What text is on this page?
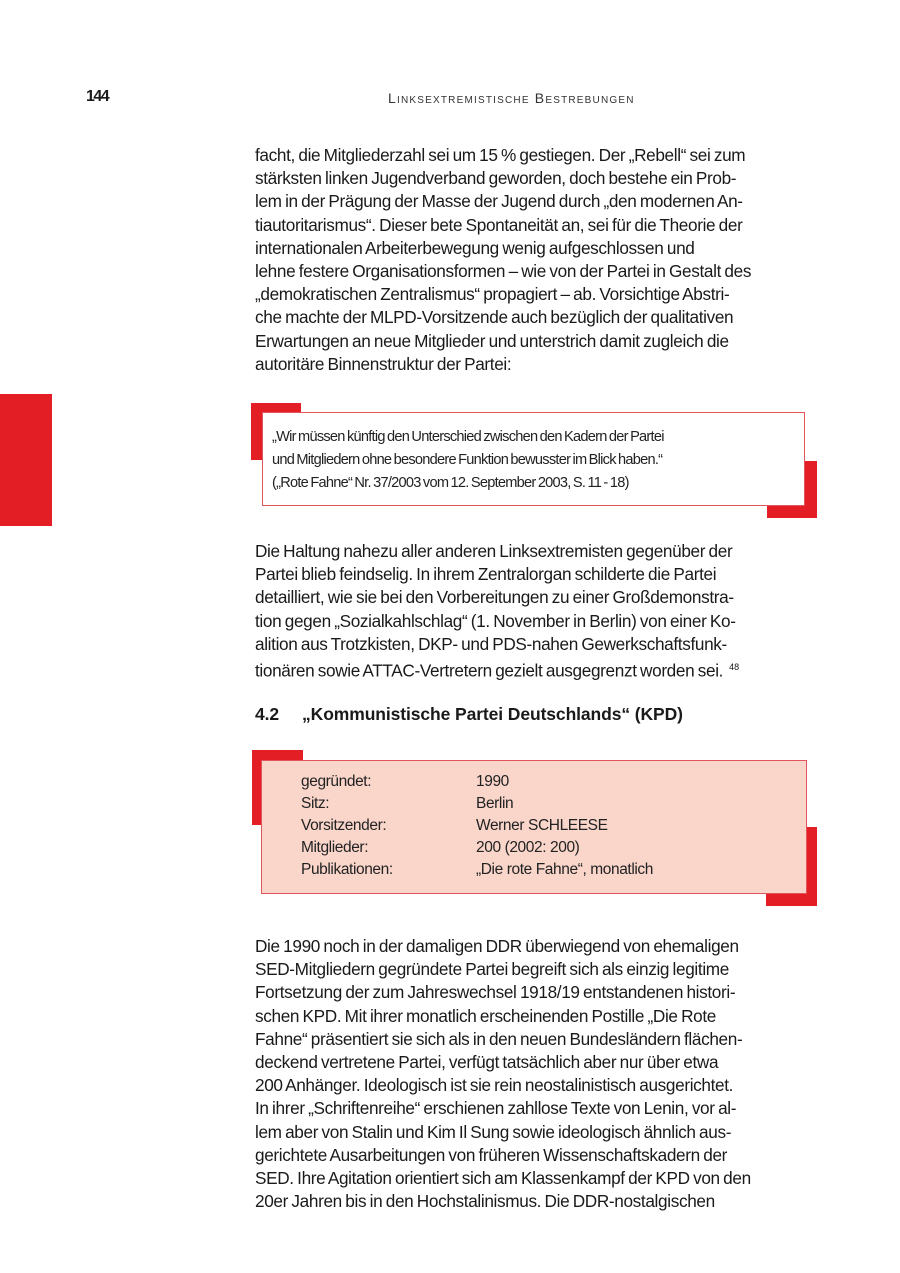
144	Linksextremistische Bestrebungen

facht, die Mitgliederzahl sei um 15 % gestiegen. Der „Rebell“ sei zum
stärksten linken Jugendverband geworden, doch bestehe ein Prob-
lem in der Prägung der Masse der Jugend durch „den modernen An-
tiautoritarismus“. Dieser bete Spontaneität an, sei für die Theorie der
internationalen Arbeiterbewegung wenig aufgeschlossen und
lehne festere Organisationsformen – wie von der Partei in Gestalt des
„demokratischen Zentralismus“ propagiert – ab. Vorsichtige Abstri-
che machte der MLPD-Vorsitzende auch bezüglich der qualitativen
Erwartungen an neue Mitglieder und unterstrich damit zugleich die
autoritäre Binnenstruktur der Partei:

„Wir müssen künftig den Unterschied zwischen den Kadern der Partei
und Mitgliedern ohne besondere Funktion bewusster im Blick haben.“
(„Rote Fahne“ Nr. 37/2003 vom 12. September 2003, S. 11 - 18)

Die Haltung nahezu aller anderen Linksextremisten gegenüber der
Partei blieb feindselig. In ihrem Zentralorgan schilderte die Partei
detailliert, wie sie bei den Vorbereitungen zu einer Großdemonstra-
tion gegen „Sozialkahlschlag“ (1. November in Berlin) von einer Ko-
alition aus Trotzkisten, DKP- und PDS-nahen Gewerkschaftsfunk-
tionären sowie ATTAC-Vertretern gezielt ausgegrenzt worden sei. $^{48}$

4.2 „Kommunistische Partei Deutschlands“ (KPD)
gegründet:	1990
Sitz:	Berlin
Vorsitzender:	Werner SCHLEESE
Mitglieder:	200 (2002: 200)
Publikationen:	„Die rote Fahne“, monatlich

Die 1990 noch in der damaligen DDR überwiegend von ehemaligen
SED-Mitgliedern gegründete Partei begreift sich als einzig legitime
Fortsetzung der zum Jahreswechsel 1918/19 entstandenen histori-
schen KPD. Mit ihrer monatlich erscheinenden Postille „Die Rote
Fahne“ präsentiert sie sich als in den neuen Bundesländern flächen-
deckend vertretene Partei, verfügt tatsächlich aber nur über etwa
200 Anhänger. Ideologisch ist sie rein neostalinistisch ausgerichtet.
In ihrer „Schriftenreihe“ erschienen zahllose Texte von Lenin, vor al-
lem aber von Stalin und Kim Il Sung sowie ideologisch ähnlich aus-
gerichtete Ausarbeitungen von früheren Wissenschaftskadern der
SED. Ihre Agitation orientiert sich am Klassenkampf der KPD von den
20er Jahren bis in den Hochstalinismus. Die DDR-nostalgischen
